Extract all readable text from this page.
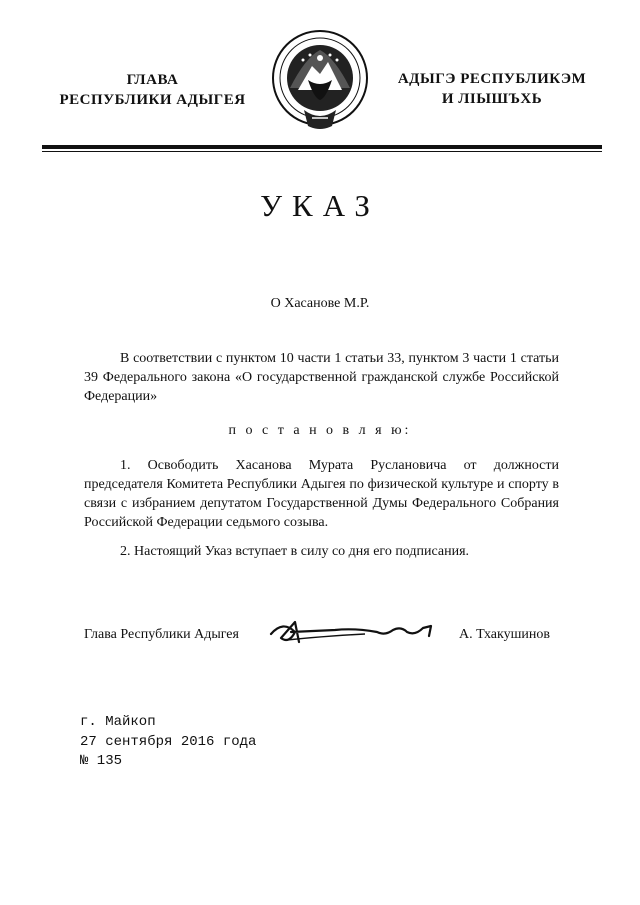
ГЛАВА
РЕСПУБЛИКИ АДЫГЕЯ
АДЫГЭ РЕСПУБЛИКЭМ
И ЛІЫШЪХЬ
УКАЗ
О Хасанове М.Р.
В соответствии с пунктом 10 части 1 статьи 33, пунктом 3 части 1 статьи 39 Федерального закона «О государственной гражданской службе Российской Федерации»
п о с т а н о в л я ю:
1. Освободить Хасанова Мурата Руслановича от должности председателя Комитета Республики Адыгея по физической культуре и спорту в связи с избранием депутатом Государственной Думы Федерального Собрания Российской Федерации седьмого созыва.
2. Настоящий Указ вступает в силу со дня его подписания.
Глава Республики Адыгея	А. Тхакушинов
г. Майкоп
27 сентября 2016 года
№ 135
